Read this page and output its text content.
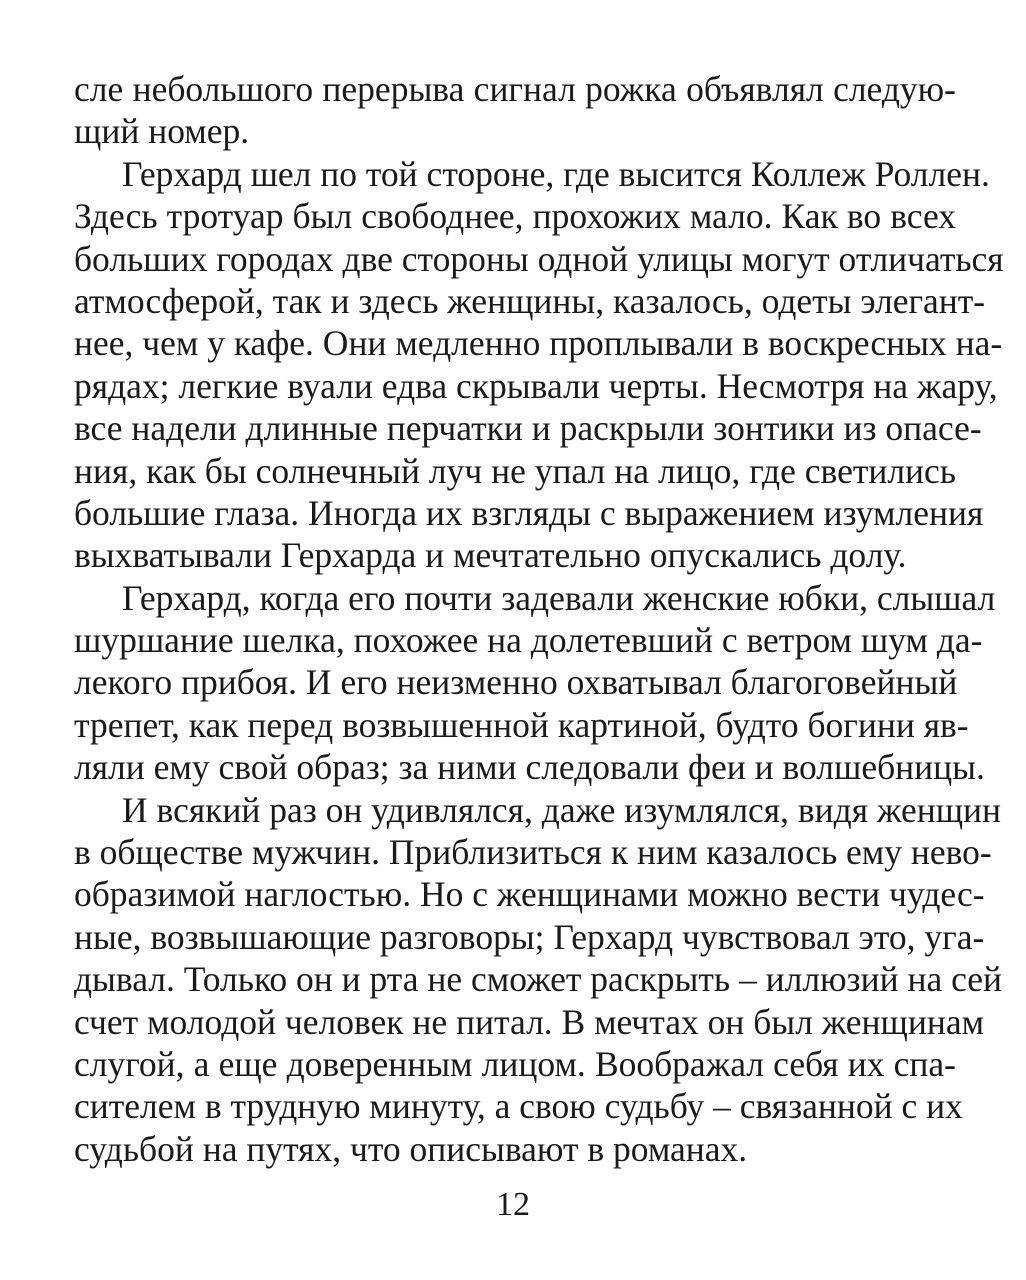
сле небольшого перерыва сигнал рожка объявлял следую-
щий номер.
Герхард шел по той стороне, где высится Коллеж Роллен.
Здесь тротуар был свободнее, прохожих мало. Как во всех
больших городах две стороны одной улицы могут отличаться
атмосферой, так и здесь женщины, казалось, одеты элегант-
нее, чем у кафе. Они медленно проплывали в воскресных на-
рядах; легкие вуали едва скрывали черты. Несмотря на жару,
все надели длинные перчатки и раскрыли зонтики из опасе-
ния, как бы солнечный луч не упал на лицо, где светились
большие глаза. Иногда их взгляды с выражением изумления
выхватывали Герхарда и мечтательно опускались долу.
Герхард, когда его почти задевали женские юбки, слышал
шуршание шелка, похожее на долетевший с ветром шум да-
лекого прибоя. И его неизменно охватывал благоговейный
трепет, как перед возвышенной картиной, будто богини яв-
ляли ему свой образ; за ними следовали феи и волшебницы.
И всякий раз он удивлялся, даже изумлялся, видя женщин
в обществе мужчин. Приблизиться к ним казалось ему нево-
образимой наглостью. Но с женщинами можно вести чудес-
ные, возвышающие разговоры; Герхард чувствовал это, уга-
дывал. Только он и рта не сможет раскрыть – иллюзий на сей
счет молодой человек не питал. В мечтах он был женщинам
слугой, а еще доверенным лицом. Воображал себя их спа-
сителем в трудную минуту, а свою судьбу – связанной с их
судьбой на путях, что описывают в романах.
12
